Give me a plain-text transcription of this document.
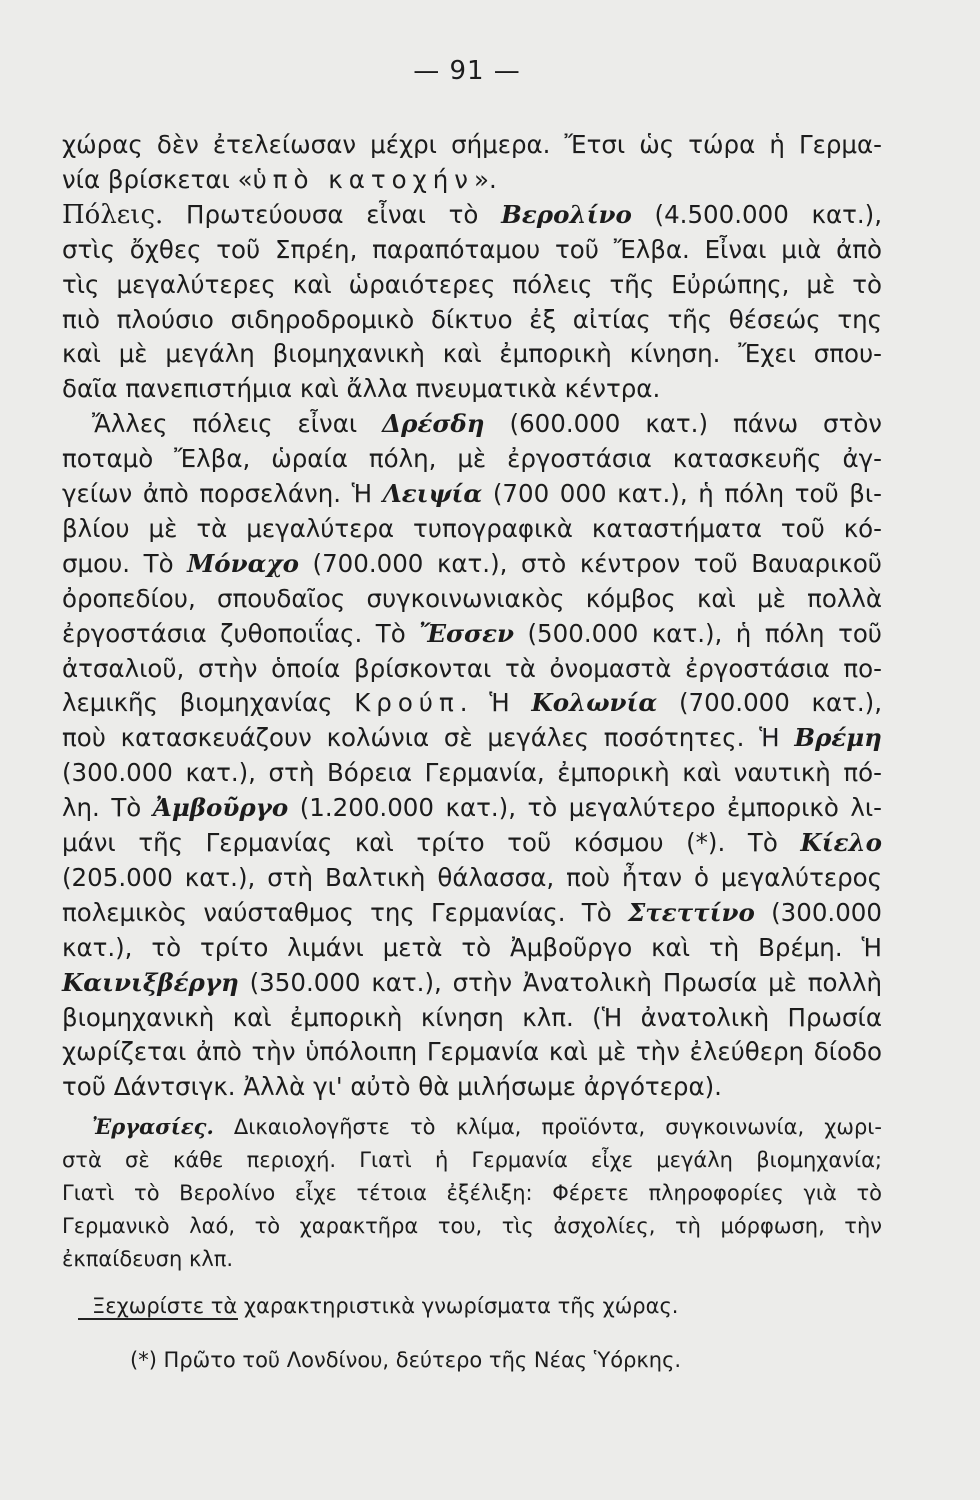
— 91 —
χώρας δὲν ἐτελείωσαν μέχρι σήμερα. Ἔτσι ὡς τώρα ἡ Γερμα-
νία βρίσκεται «ὑπὸ κατοχήν».
Πόλεις. Πρωτεύουσα εἶναι τὸ Βερολίνο (4.500.000 κατ.),
στὶς ὄχθες τοῦ Σπρέη, παραπόταμου τοῦ Ἔλβα. Εἶναι μιὰ ἀπὸ
τὶς μεγαλύτερες καὶ ὡραιότερες πόλεις τῆς Εὐρώπης, μὲ τὸ
πιὸ πλούσιο σιδηροδρομικὸ δίκτυο ἐξ αἰτίας τῆς θέσεώς της
καὶ μὲ μεγάλη βιομηχανικὴ καὶ ἐμπορικὴ κίνηση. Ἔχει σπου-
δαῖα πανεπιστήμια καὶ ἄλλα πνευματικὰ κέντρα.
Ἄλλες πόλεις εἶναι Δρέσδη (600.000 κατ.) πάνω στὸν
ποταμὸ Ἔλβα, ὡραία πόλη, μὲ ἐργοστάσια κατασκευῆς ἀγ-
γείων ἀπὸ πορσελάνη. Ἡ Λειψία (700 000 κατ.), ἡ πόλη τοῦ βι-
βλίου μὲ τὰ μεγαλύτερα τυπογραφικὰ καταστήματα τοῦ κό-
σμου. Τὸ Μόναχο (700.000 κατ.), στὸ κέντρον τοῦ Βαυαρικοῦ
ὀροπεδίου, σπουδαῖος συγκοινωνιακὸς κόμβος καὶ μὲ πολλὰ
ἐργοστάσια ζυθοποιΐας. Τὸ Ἔσσεν (500.000 κατ.), ἡ πόλη τοῦ
ἀτσαλιοῦ, στὴν ὁποία βρίσκονται τὰ ὀνομαστὰ ἐργοστάσια πο-
λεμικῆς βιομηχανίας Κρούπ. Ἡ Κολωνία (700.000 κατ.),
ποὺ κατασκευάζουν κολώνια σὲ μεγάλες ποσότητες. Ἡ Βρέμη
(300.000 κατ.), στὴ Βόρεια Γερμανία, ἐμπορικὴ καὶ ναυτικὴ πό-
λη. Τὸ Ἀμβοῦργο (1.200.000 κατ.), τὸ μεγαλύτερο ἐμπορικὸ λι-
μάνι τῆς Γερμανίας καὶ τρίτο τοῦ κόσμου (*). Τὸ Κίελο
(205.000 κατ.), στὴ Βαλτικὴ θάλασσα, ποὺ ἦταν ὁ μεγαλύτερος
πολεμικὸς ναύσταθμος της Γερμανίας. Τὸ Στεττίνο (300.000
κατ.), τὸ τρίτο λιμάνι μετὰ τὸ Ἀμβοῦργο καὶ τὴ Βρέμη. Ἡ
Καινιξβέργη (350.000 κατ.), στὴν Ἀνατολικὴ Πρωσία μὲ πολλὴ
βιομηχανικὴ καὶ ἐμπορικὴ κίνηση κλπ. (Ἡ ἀνατολικὴ Πρωσία
χωρίζεται ἀπὸ τὴν ὑπόλοιπη Γερμανία καὶ μὲ τὴν ἐλεύθερη δίοδο
τοῦ Δάντσιγκ. Ἀλλὰ γι' αὐτὸ θὰ μιλήσωμε ἀργότερα).
Ἐργασίες. Δικαιολογῆστε τὸ κλίμα, προϊόντα, συγκοινωνία, χωρι-
στὰ σὲ κάθε περιοχή. Γιατὶ ἡ Γερμανία εἶχε μεγάλη βιομηχανία;
Γιατὶ τὸ Βερολίνο εἶχε τέτοια ἐξέλιξη: Φέρετε πληροφορίες γιὰ τὸ
Γερμανικὸ λαό, τὸ χαρακτῆρα του, τὶς ἀσχολίες, τὴ μόρφωση, τὴν
ἐκπαίδευση κλπ.
Ξεχωρίστε τὰ χαρακτηριστικὰ γνωρίσματα τῆς χώρας.
(*) Πρῶτο τοῦ Λονδίνου, δεύτερο τῆς Νέας Ὑόρκης.
